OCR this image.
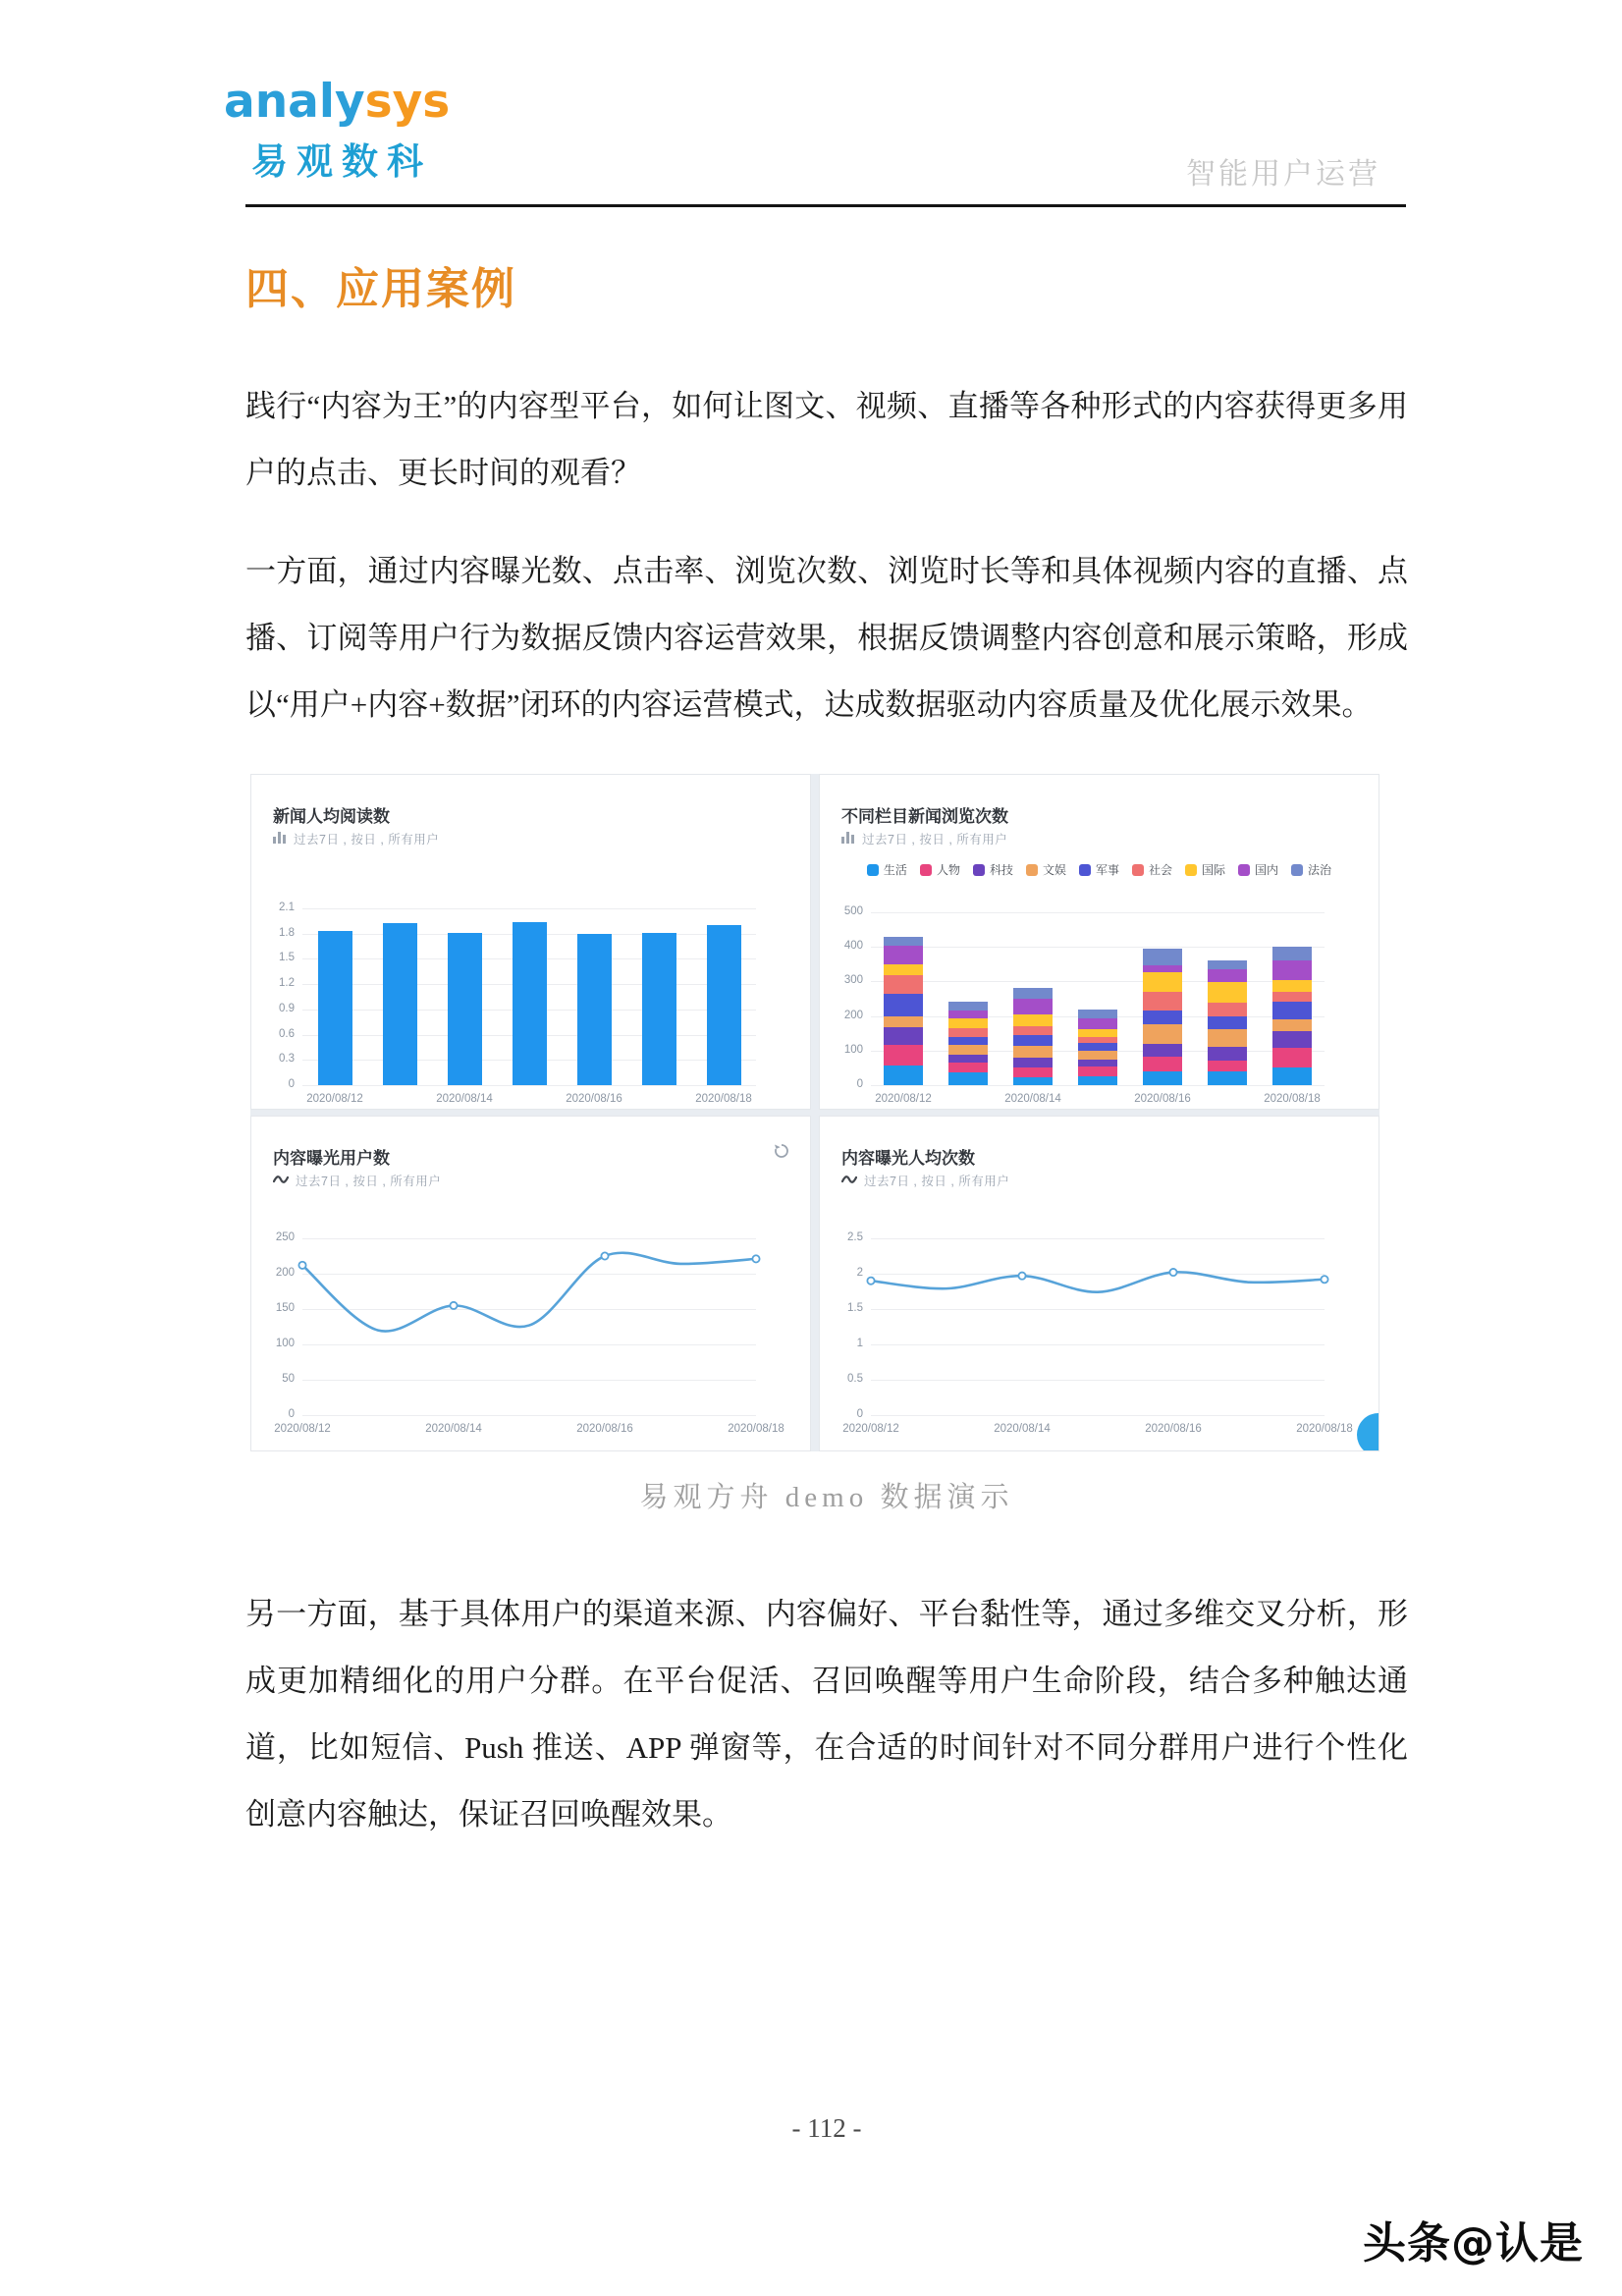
analysys
易观数科	智能用户运营
四、应用案例

践行“内容为王”的内容型平台，如何让图文、视频、直播等各种形式的内容获得更多用户的点击、更长时间的观看？

一方面，通过内容曝光数、点击率、浏览次数、浏览时长等和具体视频内容的直播、点播、订阅等用户行为数据反馈内容运营效果，根据反馈调整内容创意和展示策略，形成以“用户+内容+数据”闭环的内容运营模式，达成数据驱动内容质量及优化展示效果。

新闻人均阅读数
过去7日 , 按日 , 所有用户
0
0.3
0.6
0.9
1.2
1.5
1.8
2.1
2020/08/12	2020/08/14	2020/08/16	2020/08/18
不同栏目新闻浏览次数
过去7日 , 按日 , 所有用户
生活	人物	科技	文娱	军事	社会	国际	国内	法治
0
100
200
300
400
500
2020/08/12	2020/08/14	2020/08/16	2020/08/18
内容曝光用户数
过去7日 , 按日 , 所有用户
0
50
100
150
200
250
2020/08/12	2020/08/14	2020/08/16	2020/08/18
内容曝光人均次数
过去7日 , 按日 , 所有用户
0
0.5
1
1.5
2
2.5
2020/08/12	2020/08/14	2020/08/16	2020/08/18
易观方舟 demo 数据演示

另一方面，基于具体用户的渠道来源、内容偏好、平台黏性等，通过多维交叉分析，形成更加精细化的用户分群。在平台促活、召回唤醒等用户生命阶段，结合多种触达通道，比如短信、Push 推送、APP 弹窗等，在合适的时间针对不同分群用户进行个性化创意内容触达，保证召回唤醒效果。

- 112 -
头条@认是
